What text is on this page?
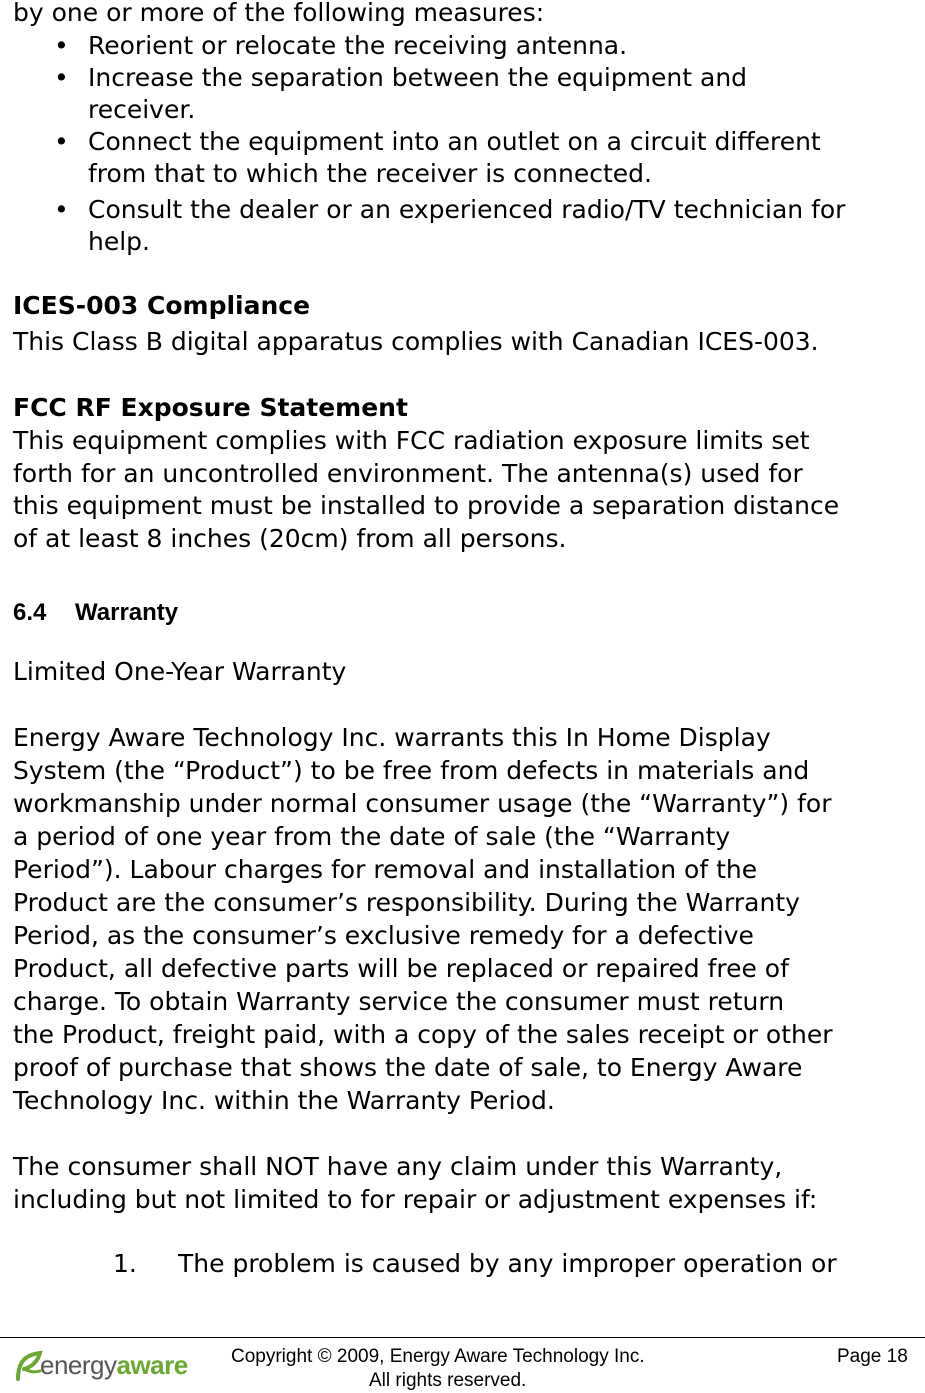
by one or more of the following measures:

• Reorient or relocate the receiving antenna.
• Increase the separation between the equipment and
receiver.
• Connect the equipment into an outlet on a circuit different
from that to which the receiver is connected.
• Consult the dealer or an experienced radio/TV technician for
help.

ICES-003 Compliance

This Class B digital apparatus complies with Canadian ICES-003.

FCC RF Exposure Statement

This equipment complies with FCC radiation exposure limits set

forth for an uncontrolled environment. The antenna(s) used for

this equipment must be installed to provide a separation distance

of at least 8 inches (20cm) from all persons.

6.4 Warranty

Limited One-Year Warranty

Energy Aware Technology Inc. warrants this In Home Display

System (the “Product”) to be free from defects in materials and

workmanship under normal consumer usage (the “Warranty”) for

a period of one year from the date of sale (the “Warranty

Period”). Labour charges for removal and installation of the

Product are the consumer’s responsibility. During the Warranty

Period, as the consumer’s exclusive remedy for a defective

Product, all defective parts will be replaced or repaired free of

charge. To obtain Warranty service the consumer must return

the Product, freight paid, with a copy of the sales receipt or other

proof of purchase that shows the date of sale, to Energy Aware

Technology Inc. within the Warranty Period.

The consumer shall NOT have any claim under this Warranty,

including but not limited to for repair or adjustment expenses if:

1. The problem is caused by any improper operation or
energyaware Copyright © 2009, Energy Aware Technology Inc.
All rights reserved.
Page 18
